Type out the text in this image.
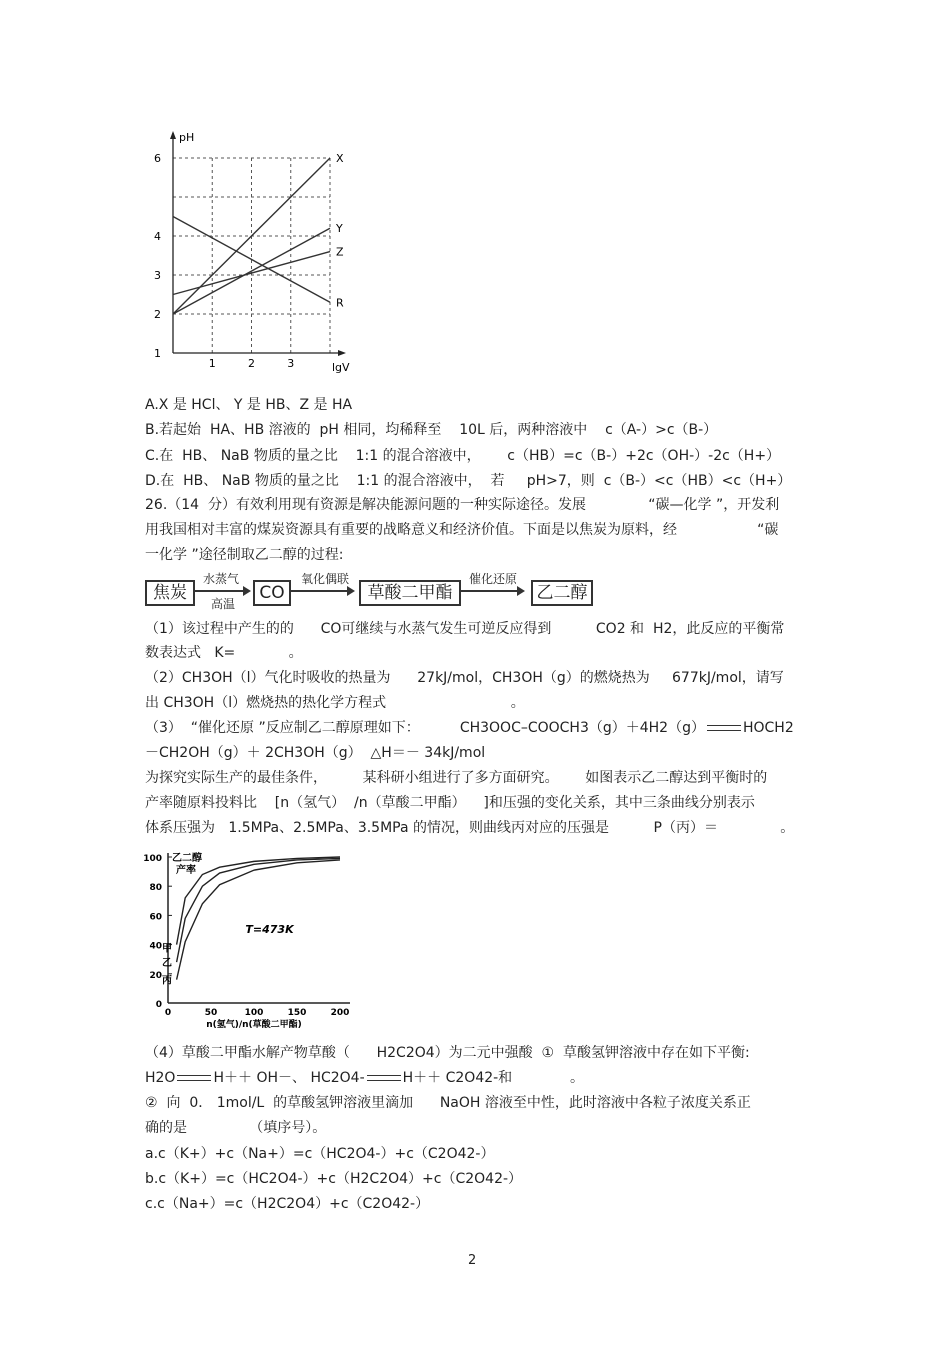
1
2
3
4
6
1	2	3
pH
lgV
X
Y
Z
R
A.X 是 HCl、 Y 是 HB、Z 是 HA
B.若起始  HA、HB 溶液的  pH 相同，均稀释至    10L 后，两种溶液中    c（A-）>c（B-）
C.在  HB、 NaB 物质的量之比    1:1 的混合溶液中，      c（HB）=c（B-）+2c（OH-）-2c（H+）
D.在  HB、 NaB 物质的量之比    1:1 的混合溶液中，  若     pH>7，则  c（B-）<c（HB）<c（H+）
26.（14  分）有效利用现有资源是解决能源问题的一种实际途径。发展              “碳—化学 ”，开发利
用我国相对丰富的煤炭资源具有重要的战略意义和经济价值。下面是以焦炭为原料，经                  “碳
一化学 ”途径制取乙二醇的过程:
焦炭
水蒸气
高温
CO
氧化偶联
草酸二甲酯
催化还原
乙二醇
（1）该过程中产生的的      CO可继续与水蒸气发生可逆反应得到          CO2 和  H2，此反应的平衡常
数表达式   K=            。
（2）CH3OH（l）气化时吸收的热量为      27kJ/mol，CH3OH（g）的燃烧热为     677kJ/mol，请写
出 CH3OH（l）燃烧热的热化学方程式                            。
（3）  “催化还原 ”反应制乙二醇原理如下：         CH3OOC–COOCH3（g）＋4H2（g）	HOCH2
－CH2OH（g）＋ 2CH3OH（g）  △H＝－ 34kJ/mol
为探究实际生产的最佳条件，        某科研小组进行了多方面研究。      如图表示乙二醇达到平衡时的
产率随原料投料比    [n（氢气）  /n（草酸二甲酯）    ]和压强的变化关系，其中三条曲线分别表示
体系压强为   1.5MPa、2.5MPa、3.5MPa 的情况，则曲线丙对应的压强是          P（丙）＝              。
0
20
40
60
80
100
0	50	100	150	200
n(氢气)/n(草酸二甲酯)
乙二醇
产率
T=473K
甲
乙
丙
（4）草酸二甲酯水解产物草酸（      H2C2O4）为二元中强酸  ①  草酸氢钾溶液中存在如下平衡:
H2O	H＋＋ OH－、 HC2O4-	H＋＋ C2O42-和             。
②  向  0． 1mol/L  的草酸氢钾溶液里滴加      NaOH 溶液至中性，此时溶液中各粒子浓度关系正
确的是              （填序号）。
a.c（K+）+c（Na+）=c（HC2O4-）+c（C2O42-）
b.c（K+）=c（HC2O4-）+c（H2C2O4）+c（C2O42-）
c.c（Na+）=c（H2C2O4）+c（C2O42-）
2
